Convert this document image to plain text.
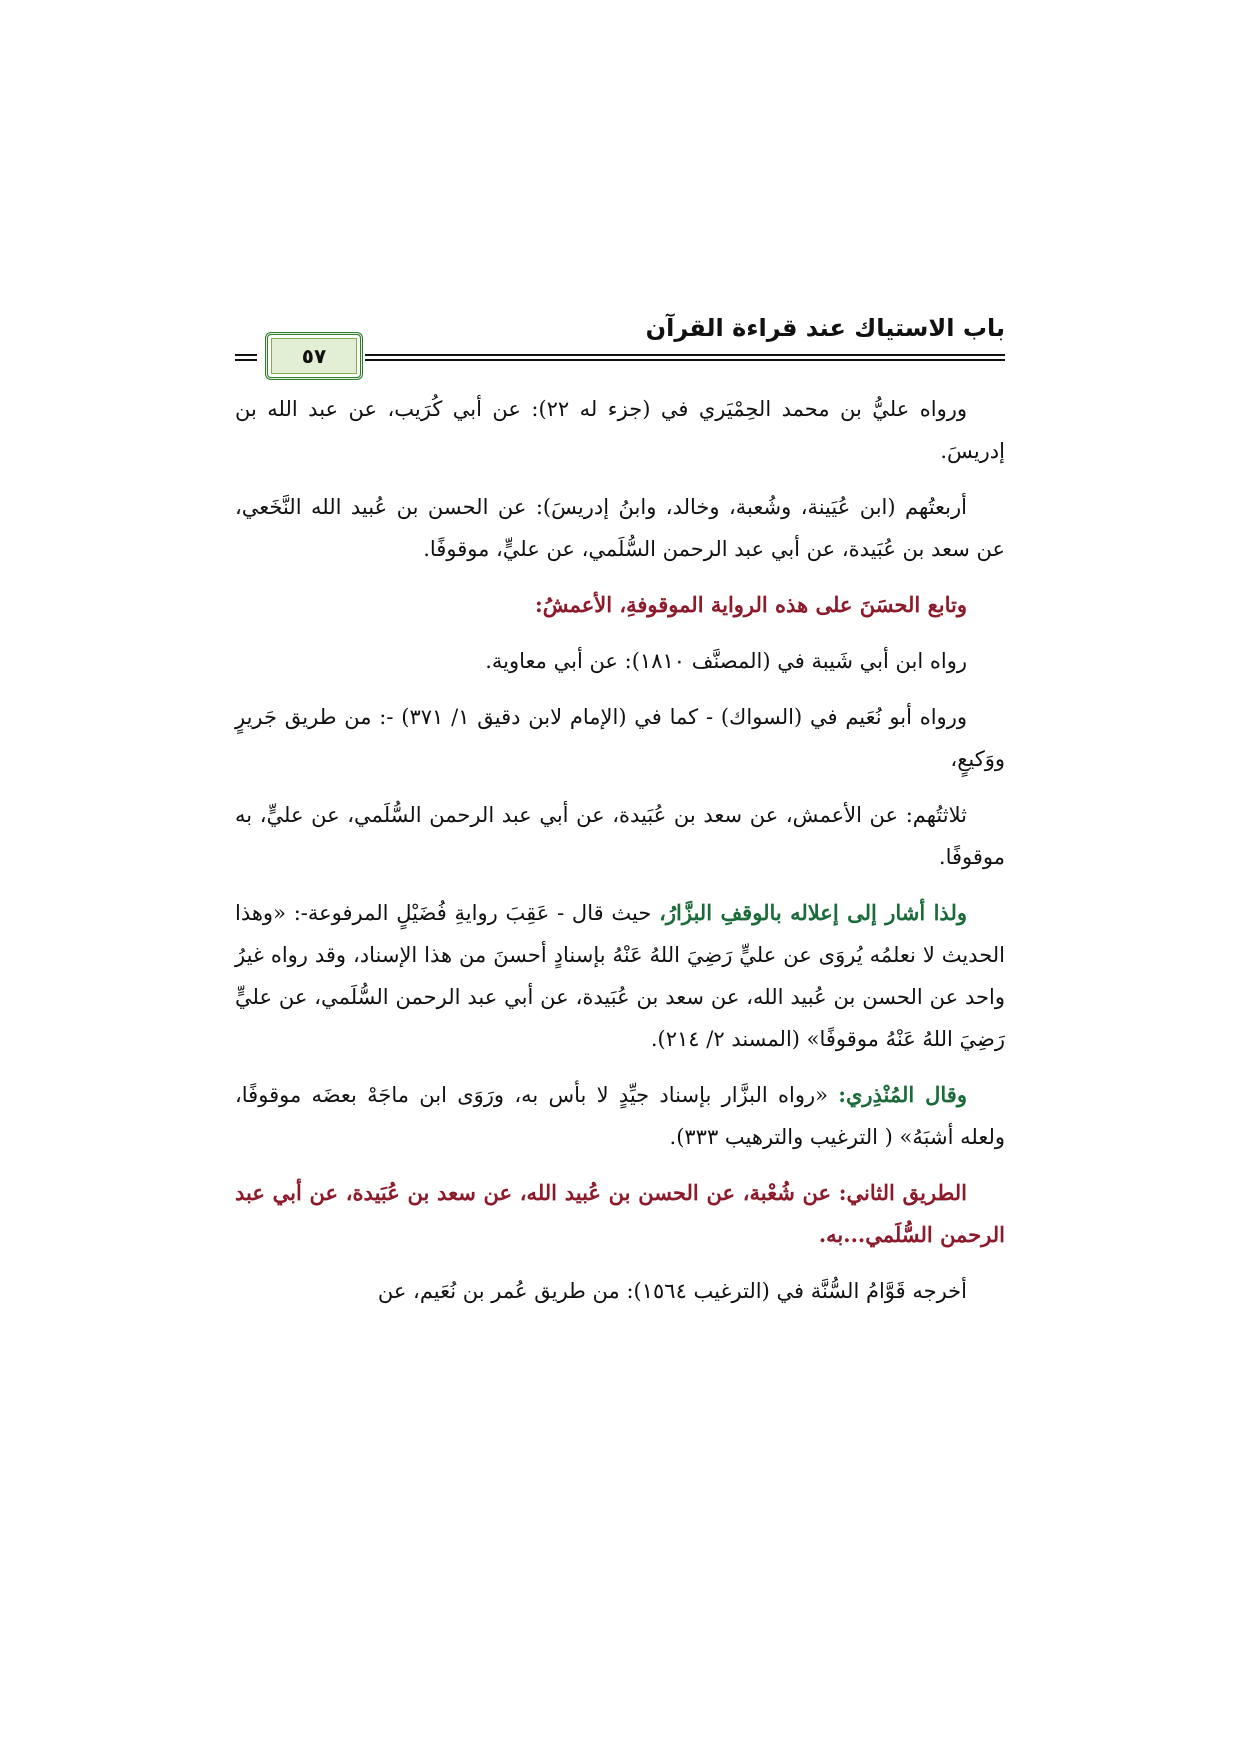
باب الاستياك عند قراءة القرآن
٥٧

ورواه عليُّ بن محمد الحِمْيَري في (جزء له ٢٢): عن أبي كُرَيب، عن عبد الله بن إدريسَ.

أربعتُهم (ابن عُيَينة، وشُعبة، وخالد، وابنُ إدريسَ): عن الحسن بن عُبيد الله النَّخَعي، عن سعد بن عُبَيدة، عن أبي عبد الرحمن السُّلَمي، عن عليٍّ، موقوفًا.

وتابع الحسَنَ على هذه الرواية الموقوفةِ، الأعمشُ:

رواه ابن أبي شَيبة في (المصنَّف ١٨١٠): عن أبي معاوية.

ورواه أبو نُعَيم في (السواك) - كما في (الإمام لابن دقيق ١/ ٣٧١) -: من طريق جَريرٍ ووَكيعٍ،

ثلاثتُهم: عن الأعمش، عن سعد بن عُبَيدة، عن أبي عبد الرحمن السُّلَمي، عن عليٍّ، به موقوفًا.

ولذا أشار إلى إعلاله بالوقفِ البزَّارُ، حيث قال - عَقِبَ روايةِ فُضَيْلٍ المرفوعة-: «وهذا الحديث لا نعلمُه يُروَى عن عليٍّ رَضِيَ اللهُ عَنْهُ بإسنادٍ أحسنَ من هذا الإسناد، وقد رواه غيرُ واحد عن الحسن بن عُبيد الله، عن سعد بن عُبَيدة، عن أبي عبد الرحمن السُّلَمي، عن عليٍّ رَضِيَ اللهُ عَنْهُ موقوفًا» (المسند ٢/ ٢١٤).

وقال المُنْذِري: «رواه البزَّار بإسناد جيِّدٍ لا بأس به، ورَوَى ابن ماجَهْ بعضَه موقوفًا، ولعله أشبَهُ» ( الترغيب والترهيب ٣٣٣).

الطريق الثاني: عن شُعْبة، عن الحسن بن عُبيد الله، عن سعد بن عُبَيدة، عن أبي عبد الرحمن السُّلَمي...به.

أخرجه قَوَّامُ السُّنَّة في (الترغيب ١٥٦٤): من طريق عُمر بن نُعَيم، عن
